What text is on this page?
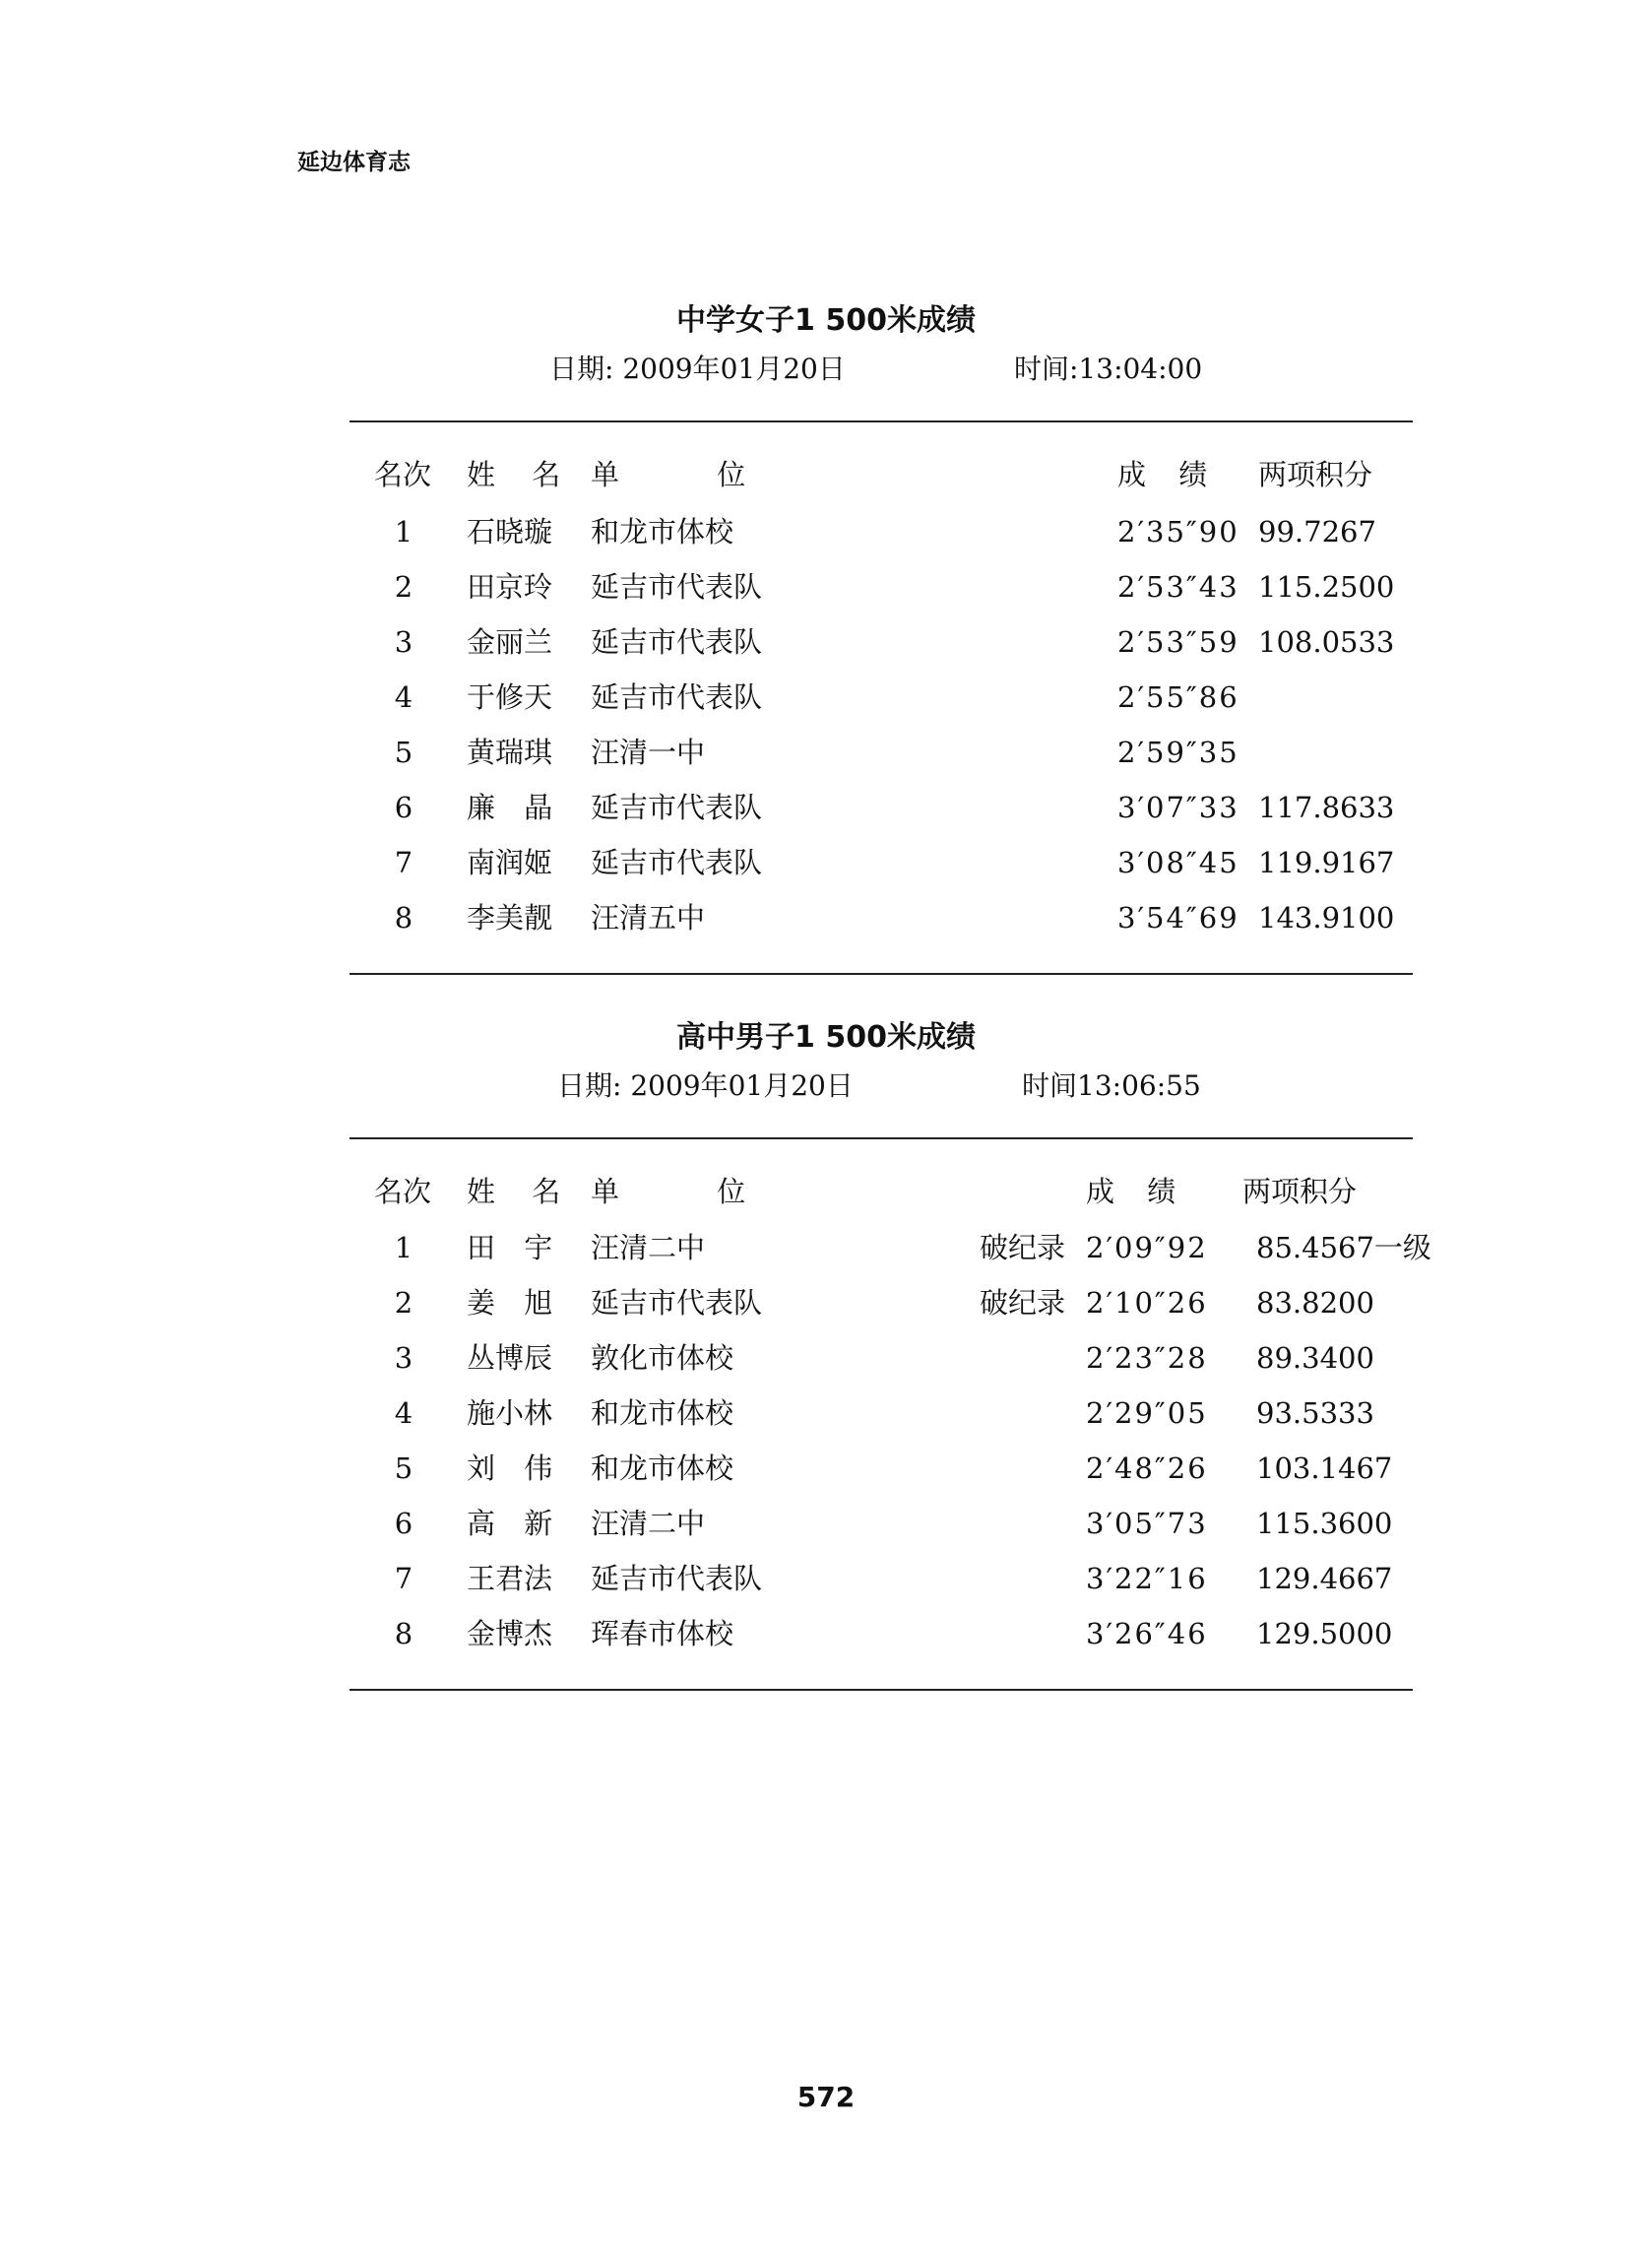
延边体育志
中学女子1 500米成绩
日期: 2009年01月20日	时间:13:04:00
名次 姓 名 单 位	成 绩 两项积分
1	石晓璇 和龙市体校	2′35″90 99.7267
2	田京玲 延吉市代表队	2′53″43 115.2500
3	金丽兰 延吉市代表队	2′53″59 108.0533
4	于修天 延吉市代表队	2′55″86
5	黄瑞琪 汪清一中	2′59″35
6	廉 晶 延吉市代表队	3′07″33 117.8633
7	南润姬 延吉市代表队	3′08″45 119.9167
8	李美靓 汪清五中	3′54″69 143.9100
高中男子1 500米成绩
日期: 2009年01月20日	时间13:06:55
名次 姓 名 单 位	成 绩 两项积分
1	田 宇 汪清二中	破纪录 2′09″92 85.4567一级
2	姜 旭 延吉市代表队	破纪录 2′10″26 83.8200
3	丛博辰 敦化市体校	2′23″28 89.3400
4	施小林 和龙市体校	2′29″05 93.5333
5	刘 伟 和龙市体校	2′48″26 103.1467
6	高 新 汪清二中	3′05″73 115.3600
7	王君法 延吉市代表队	3′22″16 129.4667
8	金博杰 珲春市体校	3′26″46 129.5000
572
